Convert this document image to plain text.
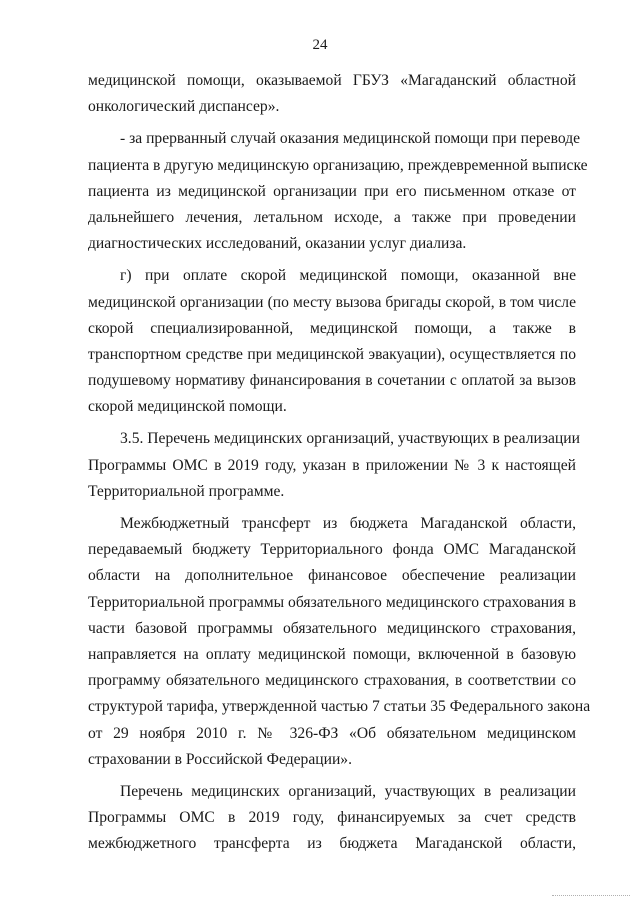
24
медицинской помощи, оказываемой ГБУЗ «Магаданский областной
онкологический диспансер».
- за прерванный случай оказания медицинской помощи при переводе
пациента в другую медицинскую организацию, преждевременной выписке
пациента из медицинской организации при его письменном отказе от
дальнейшего лечения, летальном исходе, а также при проведении
диагностических исследований, оказании услуг диализа.
г) при оплате скорой медицинской помощи, оказанной вне
медицинской организации (по месту вызова бригады скорой, в том числе
скорой специализированной, медицинской помощи, а также в
транспортном средстве при медицинской эвакуации), осуществляется по
подушевому нормативу финансирования в сочетании с оплатой за вызов
скорой медицинской помощи.
3.5. Перечень медицинских организаций, участвующих в реализации
Программы ОМС в 2019 году, указан в приложении № 3 к настоящей
Территориальной программе.
Межбюджетный трансферт из бюджета Магаданской области,
передаваемый бюджету Территориального фонда ОМС Магаданской
области на дополнительное финансовое обеспечение реализации
Территориальной программы обязательного медицинского страхования в
части базовой программы обязательного медицинского страхования,
направляется на оплату медицинской помощи, включенной в базовую
программу обязательного медицинского страхования, в соответствии со
структурой тарифа, утвержденной частью 7 статьи 35 Федерального закона
от 29 ноября 2010 г. № 326-ФЗ «Об обязательном медицинском
страховании в Российской Федерации».
Перечень медицинских организаций, участвующих в реализации
Программы ОМС в 2019 году, финансируемых за счет средств
межбюджетного трансферта из бюджета Магаданской области,
